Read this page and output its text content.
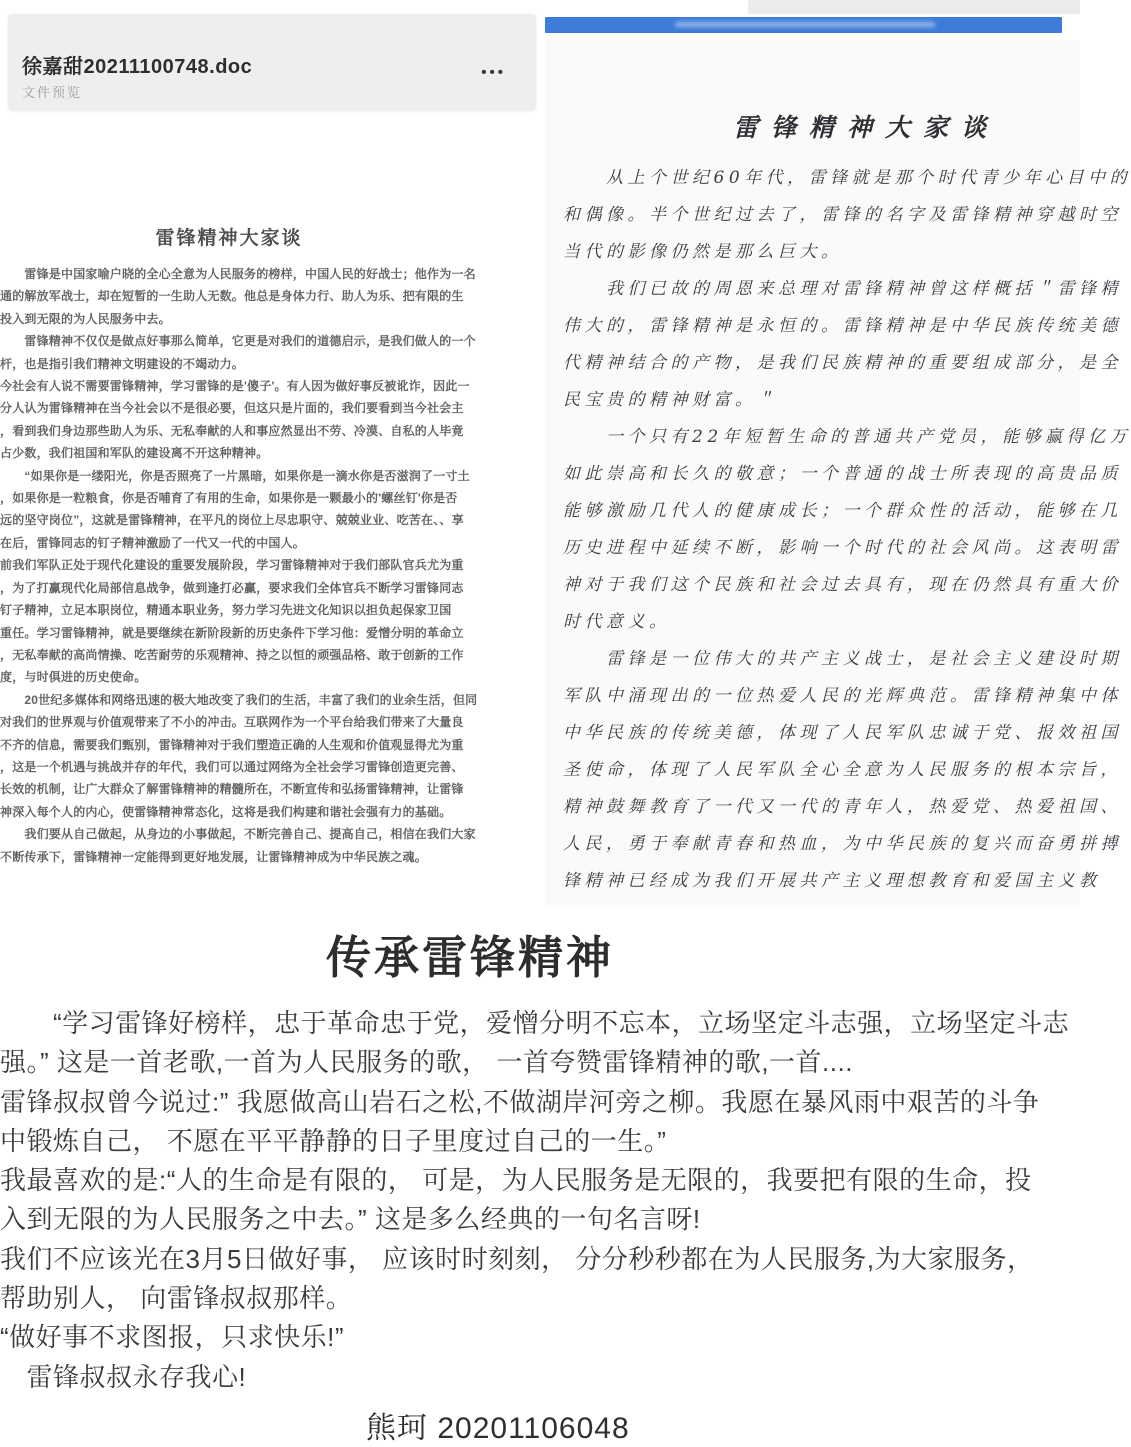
徐嘉甜20211100748.doc
文件预览
•••
雷锋精神大家谈
　　雷锋是中国家喻户晓的全心全意为人民服务的榜样，中国人民的好战士；他作为一名
通的解放军战士，却在短暂的一生助人无数。他总是身体力行、助人为乐、把有限的生
投入到无限的为人民服务中去。
　　雷锋精神不仅仅是做点好事那么简单，它更是对我们的道德启示，是我们做人的一个
杆，也是指引我们精神文明建设的不竭动力。
今社会有人说不需要雷锋精神，学习雷锋的是'傻子'。有人因为做好事反被讹诈，因此一
分人认为雷锋精神在当今社会以不是很必要，但这只是片面的，我们要看到当今社会主
，看到我们身边那些助人为乐、无私奉献的人和事应然显出不劳、冷漠、自私的人毕竟
占少数，我们祖国和军队的建设离不开这种精神。
　　“如果你是一缕阳光，你是否照亮了一片黑暗，如果你是一滴水你是否滋润了一寸土
，如果你是一粒粮食，你是否哺育了有用的生命，如果你是一颗最小的'螺丝钉'你是否
远的坚守岗位”，这就是雷锋精神，在平凡的岗位上尽忠职守、兢兢业业、吃苦在、、享
在后，雷锋同志的钉子精神激励了一代又一代的中国人。
前我们军队正处于现代化建设的重要发展阶段，学习雷锋精神对于我们部队官兵尤为重
，为了打赢现代化局部信息战争，做到逢打必赢，要求我们全体官兵不断学习雷锋同志
钉子精神，立足本职岗位，精通本职业务，努力学习先进文化知识以担负起保家卫国
重任。学习雷锋精神，就是要继续在新阶段新的历史条件下学习他：爱憎分明的革命立
，无私奉献的高尚情操、吃苦耐劳的乐观精神、持之以恒的顽强品格、敢于创新的工作
度，与时俱进的历史使命。
　　20世纪多媒体和网络迅速的极大地改变了我们的生活，丰富了我们的业余生活，但同
对我们的世界观与价值观带来了不小的冲击。互联网作为一个平台给我们带来了大量良
不齐的信息，需要我们甄别，雷锋精神对于我们塑造正确的人生观和价值观显得尤为重
，这是一个机遇与挑战并存的年代，我们可以通过网络为全社会学习雷锋创造更完善、
长效的机制，让广大群众了解雷锋精神的精髓所在，不断宣传和弘扬雷锋精神，让雷锋
神深入每个人的内心，使雷锋精神常态化，这将是我们构建和谐社会强有力的基础。
　　我们要从自己做起，从身边的小事做起，不断完善自己、提高自己，相信在我们大家
不断传承下，雷锋精神一定能得到更好地发展，让雷锋精神成为中华民族之魂。
雷锋精神大家谈
　　从上个世纪60年代，雷锋就是那个时代青少年心目中的
和偶像。半个世纪过去了，雷锋的名字及雷锋精神穿越时空
当代的影像仍然是那么巨大。
　　我们已故的周恩来总理对雷锋精神曾这样概括＂雷锋精
伟大的，雷锋精神是永恒的。雷锋精神是中华民族传统美德
代精神结合的产物，是我们民族精神的重要组成部分，是全
民宝贵的精神财富。＂
　　一个只有22年短暂生命的普通共产党员，能够赢得亿万
如此崇高和长久的敬意；一个普通的战士所表现的高贵品质
能够激励几代人的健康成长；一个群众性的活动，能够在几
历史进程中延续不断，影响一个时代的社会风尚。这表明雷
神对于我们这个民族和社会过去具有，现在仍然具有重大价
时代意义。
　　雷锋是一位伟大的共产主义战士，是社会主义建设时期
军队中涌现出的一位热爱人民的光辉典范。雷锋精神集中体
中华民族的传统美德，体现了人民军队忠诚于党、报效祖国
圣使命，体现了人民军队全心全意为人民服务的根本宗旨，
精神鼓舞教育了一代又一代的青年人，热爱党、热爱祖国、
人民，勇于奉献青春和热血，为中华民族的复兴而奋勇拼搏
锋精神已经成为我们开展共产主义理想教育和爱国主义教
传承雷锋精神
　　“学习雷锋好榜样，忠于革命忠于党，爱憎分明不忘本，立场坚定斗志强，立场坚定斗志
强。” 这是一首老歌,一首为人民服务的歌， 一首夸赞雷锋精神的歌,一首....
雷锋叔叔曾今说过:” 我愿做高山岩石之松,不做湖岸河旁之柳。我愿在暴风雨中艰苦的斗争
中锻炼自己， 不愿在平平静静的日子里度过自己的一生。”
我最喜欢的是:“人的生命是有限的， 可是，为人民服务是无限的，我要把有限的生命，投
入到无限的为人民服务之中去。” 这是多么经典的一句名言呀!
我们不应该光在3月5日做好事， 应该时时刻刻， 分分秒秒都在为人民服务,为大家服务，
帮助别人， 向雷锋叔叔那样。
“做好事不求图报，只求快乐!”
　雷锋叔叔永存我心!
熊珂 20201106048
